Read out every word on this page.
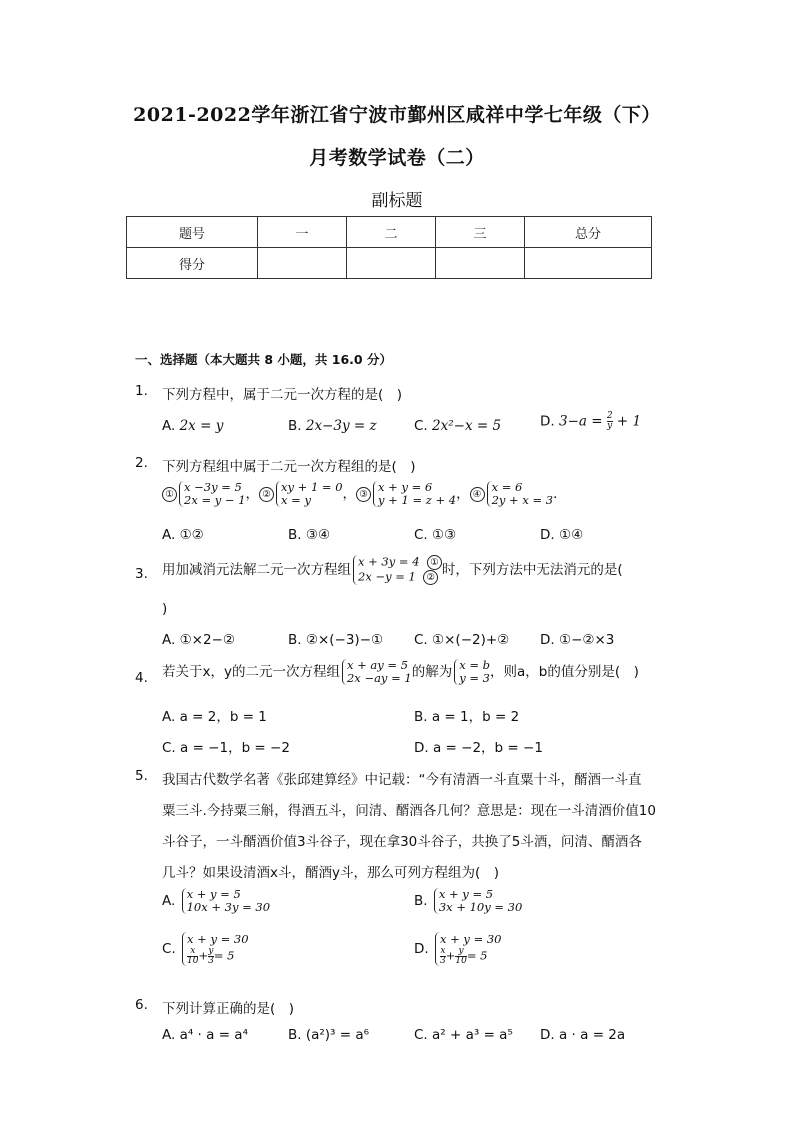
2021-2022学年浙江省宁波市鄞州区咸祥中学七年级（下）
月考数学试卷（二）
副标题
题号	一	二	三	总分
得分				
一、选择题（本大题共 8 小题，共 16.0 分）
1. 下列方程中，属于二元一次方程的是(　)
A. 2x = y	B. 2x−3y = z	C. 2x²−x = 5	D. $3-a = \frac{2}{y} + 1$
2. 下列方程组中属于二元一次方程组的是(　)
① x −3y = 5
2x = y − 1 ， ② xy + 1 = 0
x = y	， ③ x + y = 6
y + 1 = z + 4 ， ④ x = 6
2y + x = 3 ．
A. ①②	B. ③④	C. ①③	D. ①④
3. 用加减消元法解二元一次方程组
x + 3y = 4 ①
2x −y = 1 ② 时，下列方法中无法消元的是(
)
A. ①×2−②	B. ②×(−3)−① C. ①×(−2)+② D. ①−②×3
4. 若关于x，y的二元一次方程组 x + ay = 5
2x −ay = 1 的解为 x = b
y = 3 ，则a，b的值分别是(　)
A. a = 2，b = 1	B. a = 1，b = 2
C. a = −1，b = −2	D. a = −2，b = −1
5. 我国古代数学名著《张邱建算经》中记载：“今有清酒一斗直粟十斗，醑酒一斗直
粟三斗.今持粟三斛，得酒五斗，问清、醑酒各几何？意思是：现在一斗清酒价值10
斗谷子，一斗醑酒价值3斗谷子，现在拿30斗谷子，共换了5斗酒，问清、醑酒各
几斗？如果设清酒x斗，醑酒y斗，那么可列方程组为(　)
A. x + y = 5
10x + 3y = 30	B. x + y = 5
3x + 10y = 30
C.
x + y = 30
$\frac{x}{10} + \frac{y}{3} = 5$	D.
x + y = 30
$\frac{x}{3} + \frac{y}{10} = 5$
6. 下列计算正确的是(　)
A. a⁴ · a = a⁴	B. (a²)³ = a⁶	C. a² + a³ = a⁵ D. a · a = 2a
